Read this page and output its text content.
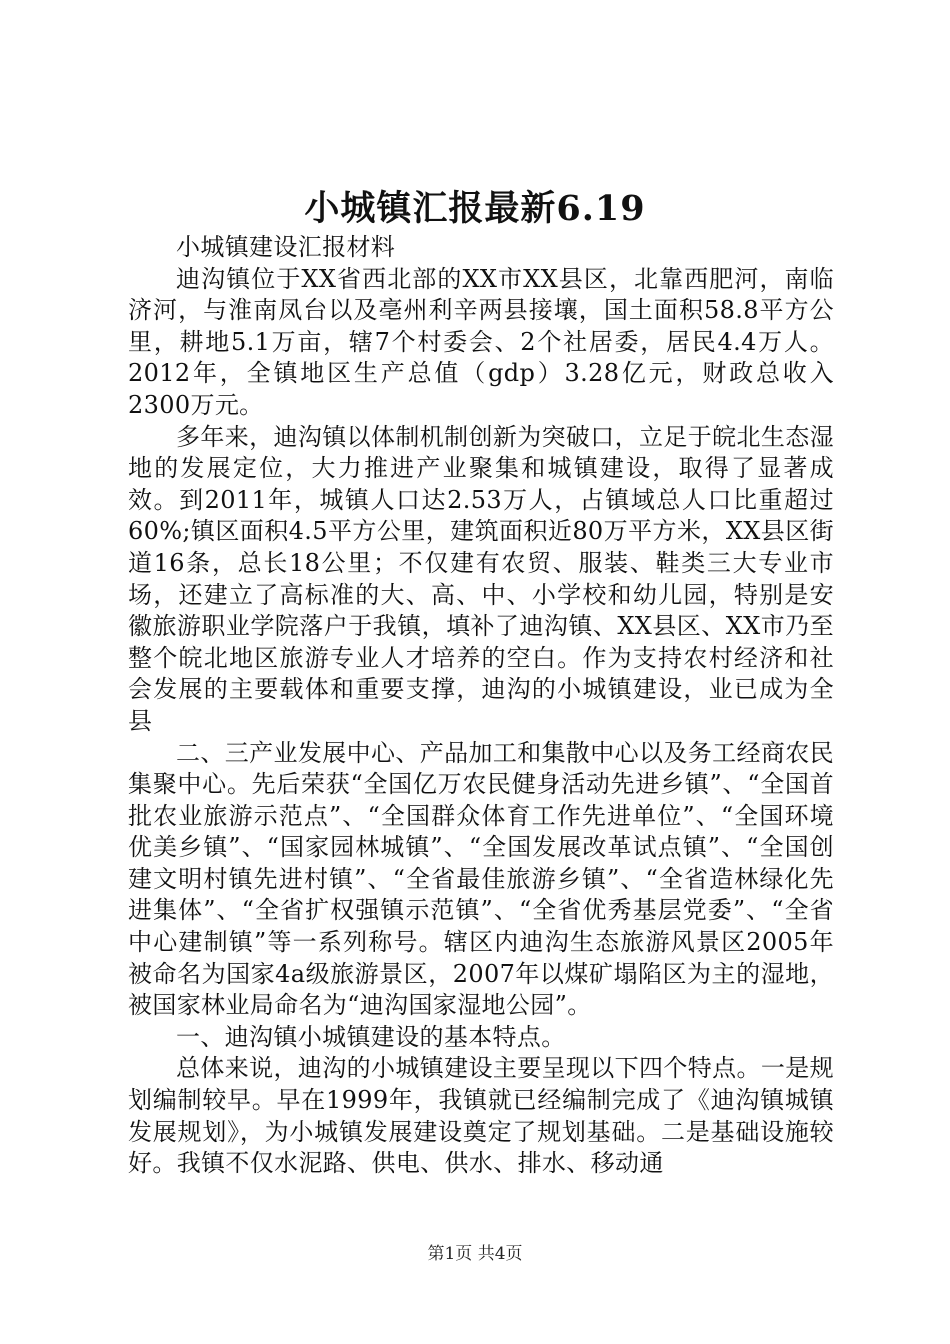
小城镇汇报最新6.19

小城镇建设汇报材料

迪沟镇位于XX省西北部的XX市XX县区，北靠西肥河，南临济河，与淮南凤台以及亳州利辛两县接壤，国土面积58.8平方公里，耕地5.1万亩，辖7个村委会、2个社居委，居民4.4万人。2012年，全镇地区生产总值（gdp）3.28亿元，财政总收入2300万元。

多年来，迪沟镇以体制机制创新为突破口，立足于皖北生态湿地的发展定位，大力推进产业聚集和城镇建设，取得了显著成效。到2011年，城镇人口达2.53万人，占镇域总人口比重超过60%;镇区面积4.5平方公里，建筑面积近80万平方米，XX县区街道16条，总长18公里；不仅建有农贸、服装、鞋类三大专业市场，还建立了高标准的大、高、中、小学校和幼儿园，特别是安徽旅游职业学院落户于我镇，填补了迪沟镇、XX县区、XX市乃至整个皖北地区旅游专业人才培养的空白。作为支持农村经济和社会发展的主要载体和重要支撑，迪沟的小城镇建设，业已成为全县

二、三产业发展中心、产品加工和集散中心以及务工经商农民集聚中心。先后荣获“全国亿万农民健身活动先进乡镇”、“全国首批农业旅游示范点”、“全国群众体育工作先进单位”、“全国环境优美乡镇”、“国家园林城镇”、“全国发展改革试点镇”、“全国创建文明村镇先进村镇”、“全省最佳旅游乡镇”、“全省造林绿化先进集体”、“全省扩权强镇示范镇”、“全省优秀基层党委”、“全省中心建制镇”等一系列称号。辖区内迪沟生态旅游风景区2005年被命名为国家4a级旅游景区，2007年以煤矿塌陷区为主的湿地，被国家林业局命名为“迪沟国家湿地公园”。

一、迪沟镇小城镇建设的基本特点。

总体来说，迪沟的小城镇建设主要呈现以下四个特点。一是规划编制较早。早在1999年，我镇就已经编制完成了《迪沟镇城镇发展规划》，为小城镇发展建设奠定了规划基础。二是基础设施较好。我镇不仅水泥路、供电、供水、排水、移动通

第1页 共4页
